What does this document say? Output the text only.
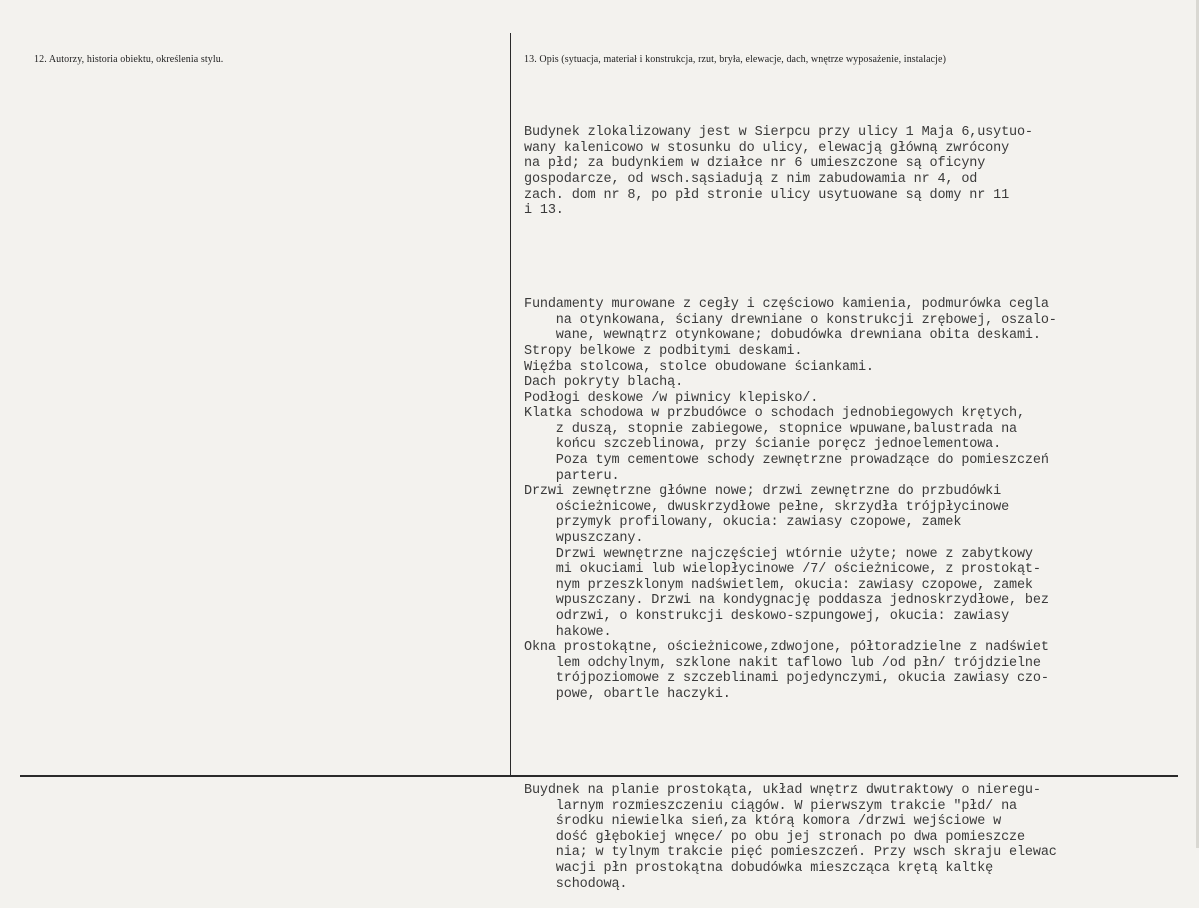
12. Autorzy, historia obiektu, określenia stylu.	13. Opis (sytuacja, materiał i konstrukcja, rzut, bryła, elewacje, dach, wnętrze wyposażenie, instalacje)

Budynek zlokalizowany jest w Sierpcu przy ulicy 1 Maja 6,usytuo-
wany kalenicowo w stosunku do ulicy, elewacją główną zwrócony
na płd; za budynkiem w działce nr 6 umieszczone są oficyny
gospodarcze, od wsch.sąsiadują z nim zabudowamia nr 4, od
zach. dom nr 8, po płd stronie ulicy usytuowane są domy nr 11
i 13.

Fundamenty murowane z cegły i częściowo kamienia, podmurówka cegla
na otynkowana, ściany drewniane o konstrukcji zrębowej, oszalo-
wane, wewnątrz otynkowane; dobudówka drewniana obita deskami.
Stropy belkowe z podbitymi deskami.
Więźba stolcowa, stolce obudowane ściankami.
Dach pokryty blachą.
Podłogi deskowe /w piwnicy klepisko/.
Klatka schodowa w przbudówce o schodach jednobiegowych krętych,
z duszą, stopnie zabiegowe, stopnice wpuwane,balustrada na
końcu szczeblinowa, przy ścianie poręcz jednoelementowa.
Poza tym cementowe schody zewnętrzne prowadzące do pomieszczeń
parteru.
Drzwi zewnętrzne główne nowe; drzwi zewnętrzne do przbudówki
ościeżnicowe, dwuskrzydłowe pełne, skrzydła trójpłycinowe
przymyk profilowany, okucia: zawiasy czopowe, zamek
wpuszczany.
Drzwi wewnętrzne najczęściej wtórnie użyte; nowe z zabytkowy
mi okuciami lub wielopłycinowe /7/ ościeżnicowe, z prostokąt-
nym przeszklonym nadświetlem, okucia: zawiasy czopowe, zamek
wpuszczany. Drzwi na kondygnację poddasza jednoskrzydłowe, bez
odrzwi, o konstrukcji deskowo-szpungowej, okucia: zawiasy
hakowe.
Okna prostokątne, ościeżnicowe,zdwojone, półtoradzielne z nadświet
lem odchylnym, szklone nakit taflowo lub /od płn/ trójdzielne
trójpoziomowe z szczeblinami pojedynczymi, okucia zawiasy czo-
powe, obartle haczyki.

Buydnek na planie prostokąta, układ wnętrz dwutraktowy o nieregu-
larnym rozmieszczeniu ciągów. W pierwszym trakcie "płd/ na
środku niewielka sień,za którą komora /drzwi wejściowe w
dość głębokiej wnęce/ po obu jej stronach po dwa pomieszcze
nia; w tylnym trakcie pięć pomieszczeń. Przy wsch skraju elewac
wacji płn prostokątna dobudówka mieszcząca krętą kaltkę
schodową.
